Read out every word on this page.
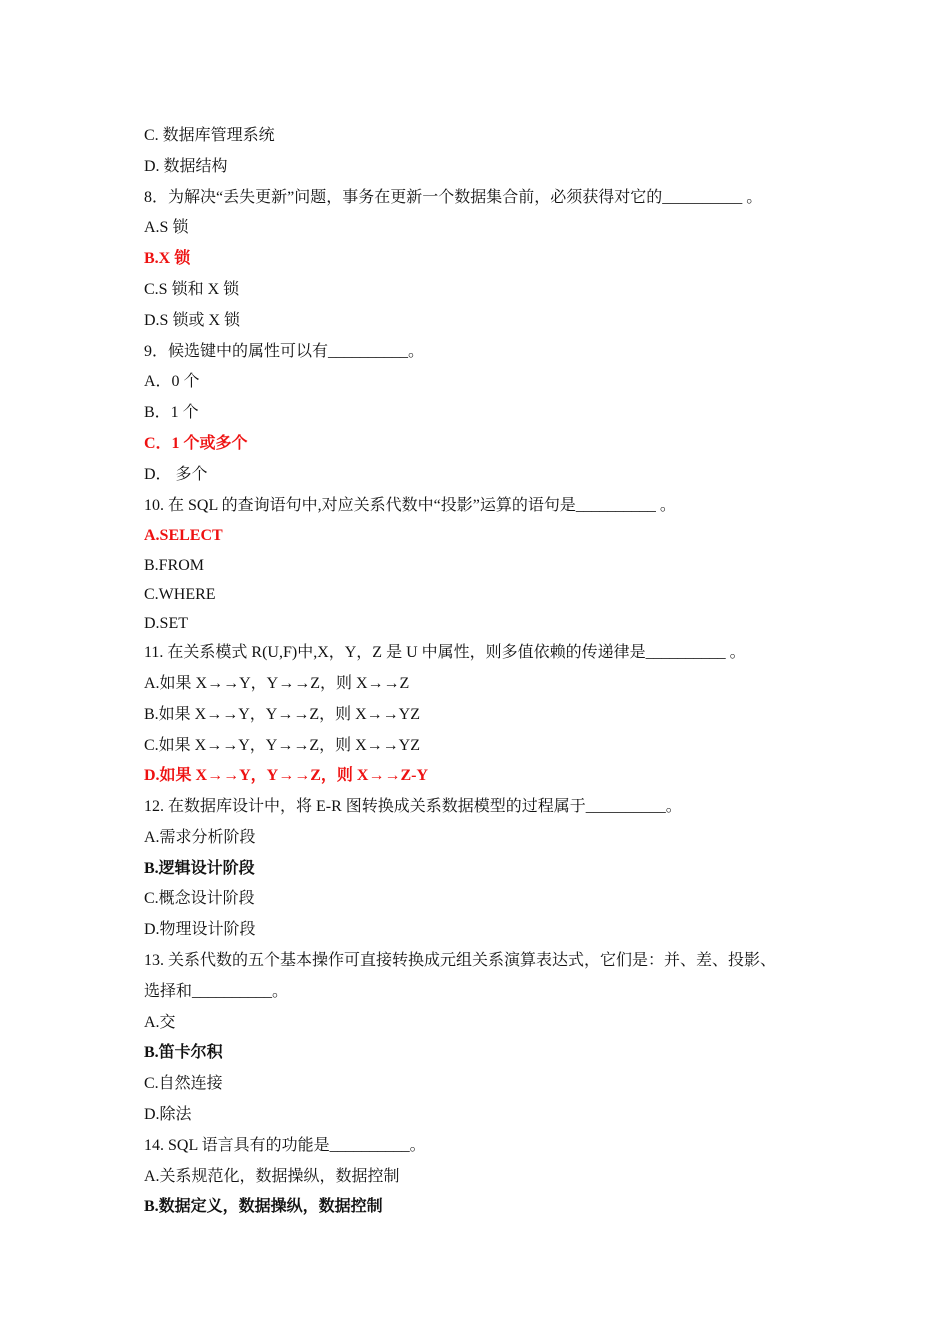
C. 数据库管理系统
D. 数据结构
8．为解决“丢失更新”问题，事务在更新一个数据集合前，必须获得对它的__________ 。
A.S 锁
B.X 锁
C.S 锁和 X 锁
D.S 锁或 X 锁
9．候选键中的属性可以有__________。
A．0 个
B．1 个
C．1 个或多个
D． 多个
10. 在 SQL 的查询语句中,对应关系代数中“投影”运算的语句是__________ 。
A.SELECT
B.FROM
C.WHERE
D.SET
11. 在关系模式 R(U,F)中,X，Y，Z 是 U 中属性，则多值依赖的传递律是__________ 。
A.如果 X→→Y，Y→→Z，则 X→→Z
B.如果 X→→Y，Y→→Z，则 X→→YZ
C.如果 X→→Y，Y→→Z，则 X→→YZ
D.如果 X→→Y，Y→→Z，则 X→→Z-Y
12. 在数据库设计中，将 E-R 图转换成关系数据模型的过程属于__________。
A.需求分析阶段
B.逻辑设计阶段
C.概念设计阶段
D.物理设计阶段
13. 关系代数的五个基本操作可直接转换成元组关系演算表达式，它们是：并、差、投影、
选择和__________。
A.交
B.笛卡尔积
C.自然连接
D.除法
14. SQL 语言具有的功能是__________。
A.关系规范化，数据操纵，数据控制
B.数据定义，数据操纵，数据控制
